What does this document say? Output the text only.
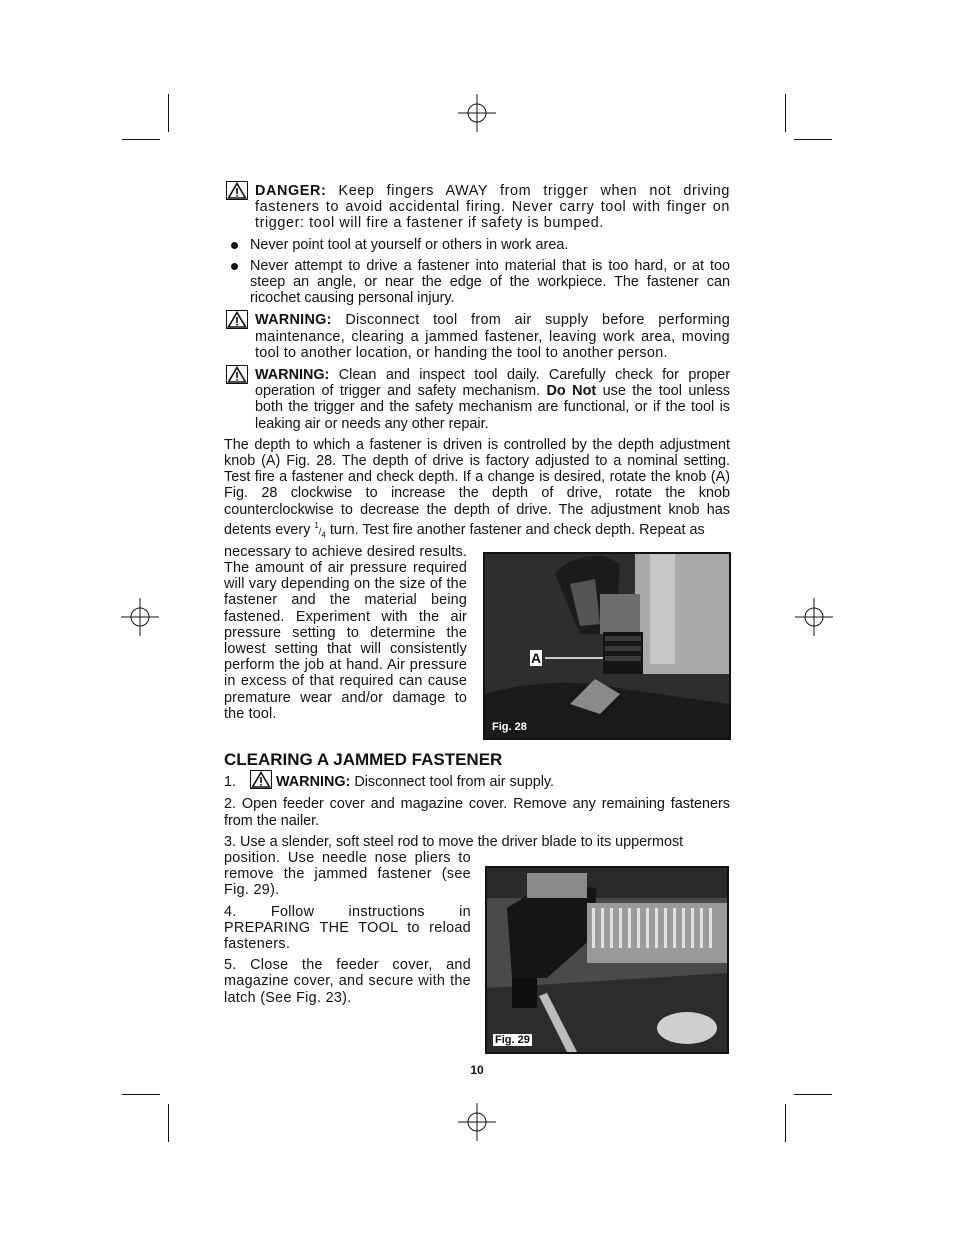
DANGER: Keep fingers AWAY from trigger when not driving fasteners to avoid accidental firing. Never carry tool with finger on trigger: tool will fire a fastener if safety is bumped.

Never point tool at yourself or others in work area.
Never attempt to drive a fastener into material that is too hard, or at too steep an angle, or near the edge of the workpiece. The fastener can ricochet causing personal injury.

WARNING: Disconnect tool from air supply before performing maintenance, clearing a jammed fastener, leaving work area, moving tool to another location, or handing the tool to another person.

WARNING: Clean and inspect tool daily. Carefully check for proper operation of trigger and safety mechanism. Do Not use the tool unless both the trigger and the safety mechanism are functional, or if the tool is leaking air or needs any other repair.

The depth to which a fastener is driven is controlled by the depth adjustment knob (A) Fig. 28. The depth of drive is factory adjusted to a nominal setting. Test fire a fastener and check depth. If a change is desired, rotate the knob (A) Fig. 28 clockwise to increase the depth of drive, rotate the knob counterclockwise to decrease the depth of drive. The adjustment knob has detents every $^1/_4$ turn. Test fire another fastener and check depth. Repeat as

necessary to achieve desired results. The amount of air pressure required will vary depending on the size of the fastener and the material being fastened. Experiment with the air pressure setting to determine the lowest setting that will consistently perform the job at hand. Air pressure in excess of that required can cause premature wear and/or damage to the tool.

CLEARING A JAMMED FASTENER
1.	WARNING: Disconnect tool from air supply.

2. Open feeder cover and magazine cover. Remove any remaining fasteners from the nailer.

3. Use a slender, soft steel rod to move the driver blade to its uppermost

position. Use needle nose pliers to remove the jammed fastener (see Fig. 29).

4. Follow instructions in PREPARING THE TOOL to reload fasteners.

5. Close the feeder cover, and magazine cover, and secure with the latch (See Fig. 23).

A
Fig. 28
Fig. 29
10
